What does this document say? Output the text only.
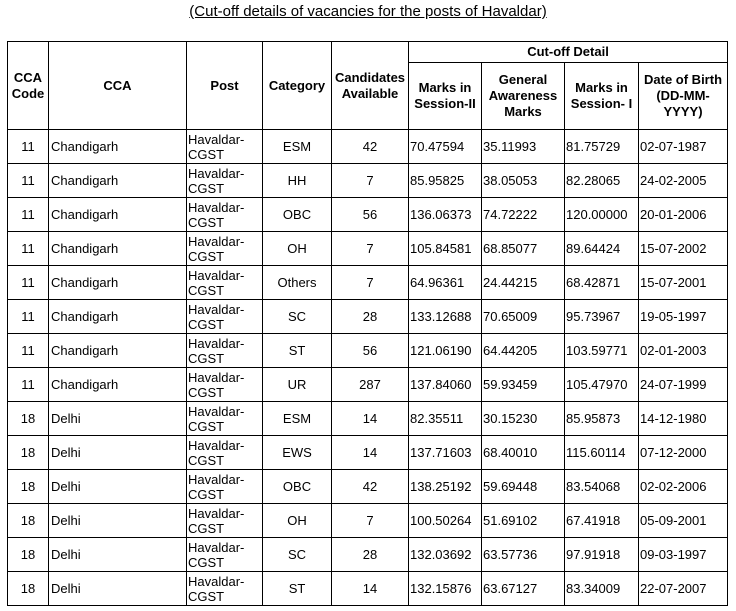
(Cut-off details of vacancies for the posts of Havaldar)
CCA Code	CCA	Post	Category	Candidates Available	Cut-off Detail			
					Marks in Session-II	General Awareness Marks	Marks in Session- I	Date of Birth (DD-MM-YYYY)
11	Chandigarh	Havaldar-CGST	ESM	42	70.47594	35.11993	81.75729	02-07-1987
11	Chandigarh	Havaldar-CGST	HH	7	85.95825	38.05053	82.28065	24-02-2005
11	Chandigarh	Havaldar-CGST	OBC	56	136.06373	74.72222	120.00000	20-01-2006
11	Chandigarh	Havaldar-CGST	OH	7	105.84581	68.85077	89.64424	15-07-2002
11	Chandigarh	Havaldar-CGST	Others	7	64.96361	24.44215	68.42871	15-07-2001
11	Chandigarh	Havaldar-CGST	SC	28	133.12688	70.65009	95.73967	19-05-1997
11	Chandigarh	Havaldar-CGST	ST	56	121.06190	64.44205	103.59771	02-01-2003
11	Chandigarh	Havaldar-CGST	UR	287	137.84060	59.93459	105.47970	24-07-1999
18	Delhi	Havaldar-CGST	ESM	14	82.35511	30.15230	85.95873	14-12-1980
18	Delhi	Havaldar-CGST	EWS	14	137.71603	68.40010	115.60114	07-12-2000
18	Delhi	Havaldar-CGST	OBC	42	138.25192	59.69448	83.54068	02-02-2006
18	Delhi	Havaldar-CGST	OH	7	100.50264	51.69102	67.41918	05-09-2001
18	Delhi	Havaldar-CGST	SC	28	132.03692	63.57736	97.91918	09-03-1997
18	Delhi	Havaldar-CGST	ST	14	132.15876	63.67127	83.34009	22-07-2007
